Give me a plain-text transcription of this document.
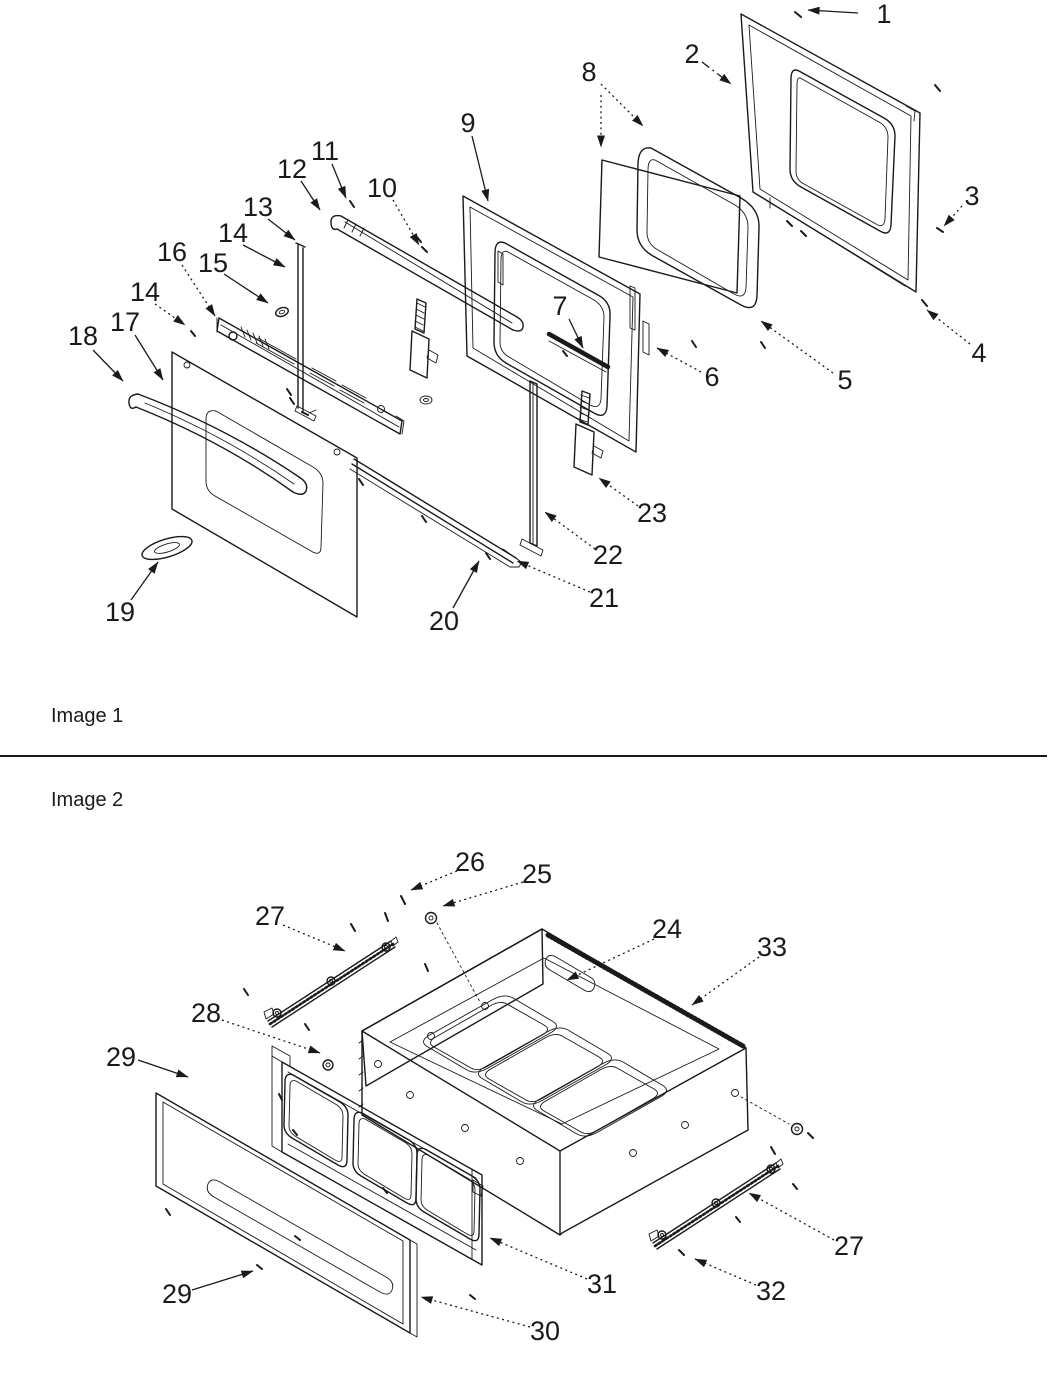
Image 1
Image 2
1
2
8
3
9
11
12
10
13
14
16 15
14
17
18
7
6	5
4
23
22
21
19	20
26 25
27	24
33
28
29
31
30
29	32
27
